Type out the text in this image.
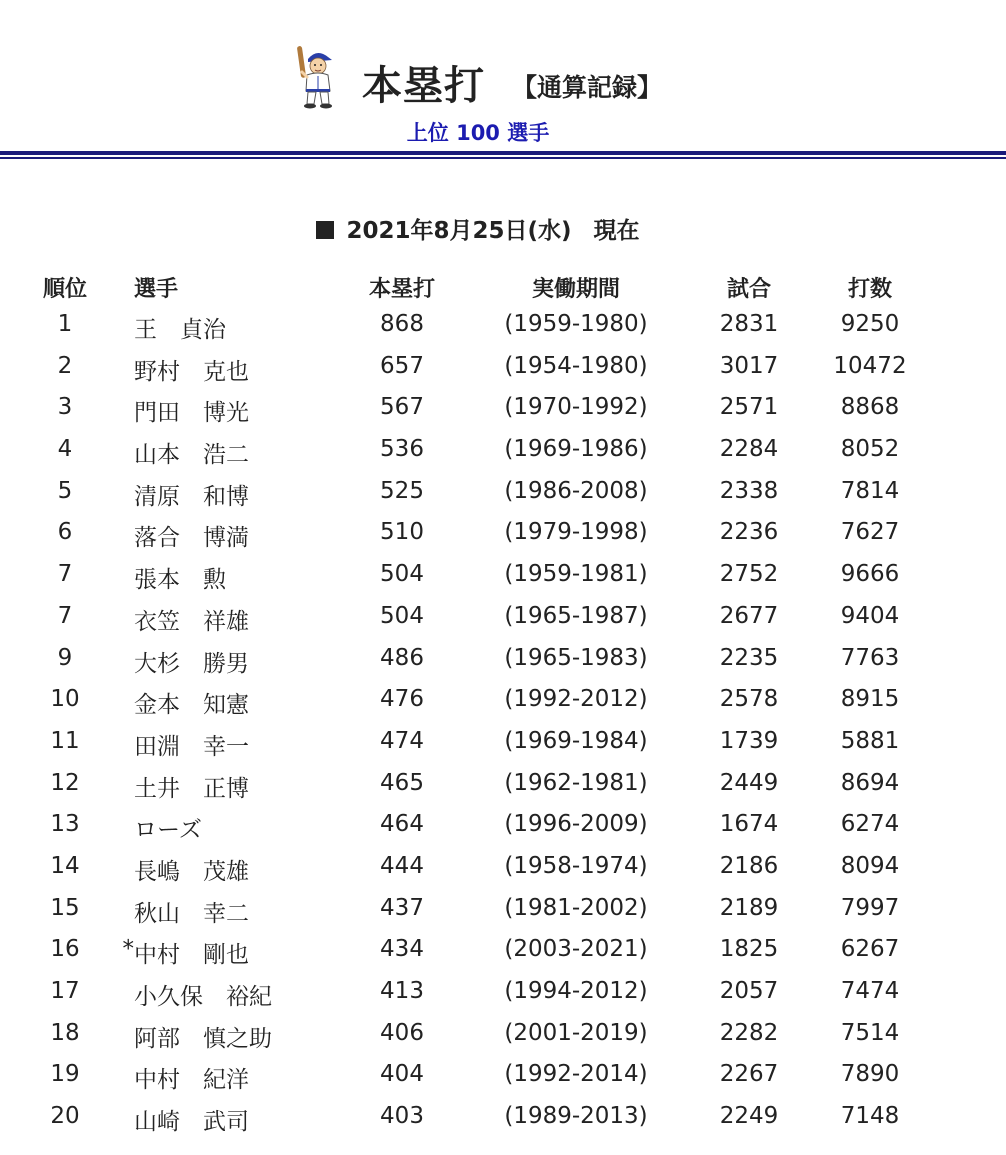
本塁打 【通算記録】
上位 100 選手
2021年8月25日(水) 現在
順位	選手	本塁打	実働期間	試合	打数
1	王　貞治	868	(1959-1980)	2831	9250
2	野村　克也	657	(1954-1980)	3017	10472
3	門田　博光	567	(1970-1992)	2571	8868
4	山本　浩二	536	(1969-1986)	2284	8052
5	清原　和博	525	(1986-2008)	2338	7814
6	落合　博満	510	(1979-1998)	2236	7627
7	張本　勲	504	(1959-1981)	2752	9666
7	衣笠　祥雄	504	(1965-1987)	2677	9404
9	大杉　勝男	486	(1965-1983)	2235	7763
10	金本　知憲	476	(1992-2012)	2578	8915
11	田淵　幸一	474	(1969-1984)	1739	5881
12	土井　正博	465	(1962-1981)	2449	8694
13	ローズ	464	(1996-2009)	1674	6274
14	長嶋　茂雄	444	(1958-1974)	2186	8094
15	秋山　幸二	437	(1981-2002)	2189	7997
16	* 中村　剛也	434	(2003-2021)	1825	6267
17	小久保　裕紀	413	(1994-2012)	2057	7474
18	阿部　慎之助	406	(2001-2019)	2282	7514
19	中村　紀洋	404	(1992-2014)	2267	7890
20	山崎　武司	403	(1989-2013)	2249	7148
